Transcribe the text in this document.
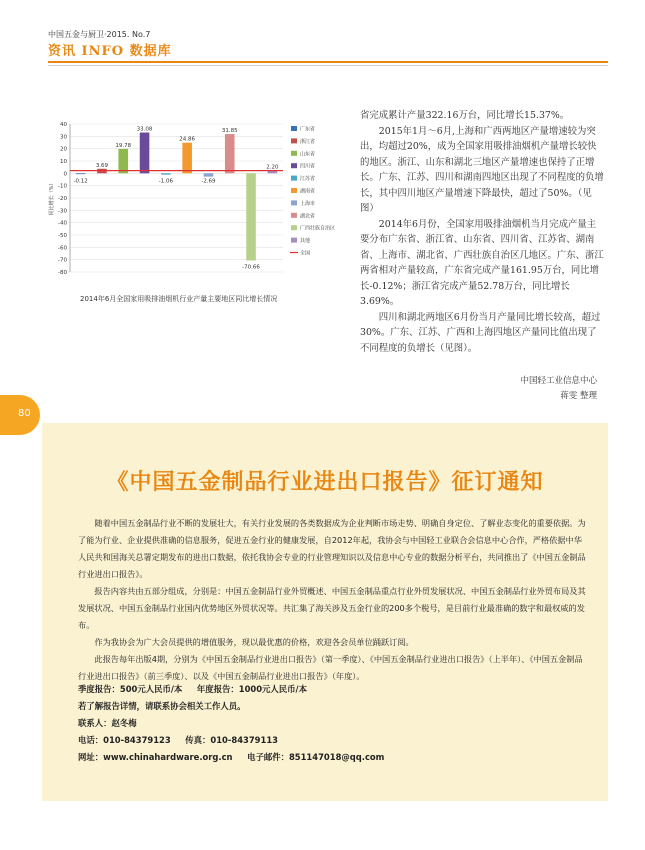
中国五金与厨卫·2015. No.7
资讯 INFO 数据库
80
-0.12
3.69
19.78
33.08
-1.06
24.86
-2.69
31.85
-70.66
2.20
40
30
20
10
0
-10
-20
-30
-40
-50
-60
-70
-80
同比增长（%）
广东省
浙江省
山东省
四川省
江苏省
湖南省
上海市
湖北省
广西壮族自治区
其他
全国
2014年6月全国家用吸排油烟机行业产量主要地区同比增长情况

省完成累计产量322.16万台，同比增长15.37%。

2015年1月～6月,上海和广西两地区产量增速较为突出，均超过20%，成为全国家用吸排油烟机产量增长较快的地区。浙江、山东和湖北三地区产量增速也保持了正增长。广东、江苏、四川和湖南四地区出现了不同程度的负增长，其中四川地区产量增速下降最快，超过了50%。（见图）

2014年6月份，全国家用吸排油烟机当月完成产量主要分布广东省、浙江省、山东省、四川省、江苏省、湖南省、上海市、湖北省、广西壮族自治区几地区。广东、浙江两省相对产量较高，广东省完成产量161.95万台，同比增长-0.12%；浙江省完成产量52.78万台，同比增长3.69%。

四川和湖北两地区6月份当月产量同比增长较高，超过30%。广东、江苏、广西和上海四地区产量同比值出现了不同程度的负增长（见图）。

中国轻工业信息中心
蒋雯 整理
《中国五金制品行业进出口报告》征订通知

随着中国五金制品行业不断的发展壮大，有关行业发展的各类数据成为企业判断市场走势、明确自身定位、了解业态变化的重要依据。为了能为行业、企业提供准确的信息服务，促进五金行业的健康发展，自2012年起，我协会与中国轻工业联合会信息中心合作，严格依据中华人民共和国海关总署定期发布的进出口数据，依托我协会专业的行业管理知识以及信息中心专业的数据分析平台，共同推出了《中国五金制品行业进出口报告》。

报告内容共由五部分组成，分别是：中国五金制品行业外贸概述、中国五金制品重点行业外贸发展状况、中国五金制品行业外贸布局及其发展状况、中国五金制品行业国内优势地区外贸状况等。共汇集了海关涉及五金行业的200多个税号，是目前行业最准确的数字和最权威的发布。

作为我协会为广大会员提供的增值服务，现以最优惠的价格，欢迎各会员单位踊跃订阅。

此报告每年出版4期，分别为《中国五金制品行业进出口报告》（第一季度）、《中国五金制品行业进出口报告》（上半年）、《中国五金制品行业进出口报告》（前三季度）、以及《中国五金制品行业进出口报告》（年度）。

季度报告：500元人民币/本     年度报告：1000元人民币/本
若了解报告详情，请联系协会相关工作人员。
联系人：赵冬梅
电话：010-84379123     传真：010-84379113
网址：www.chinahardware.org.cn     电子邮件：851147018@qq.com
